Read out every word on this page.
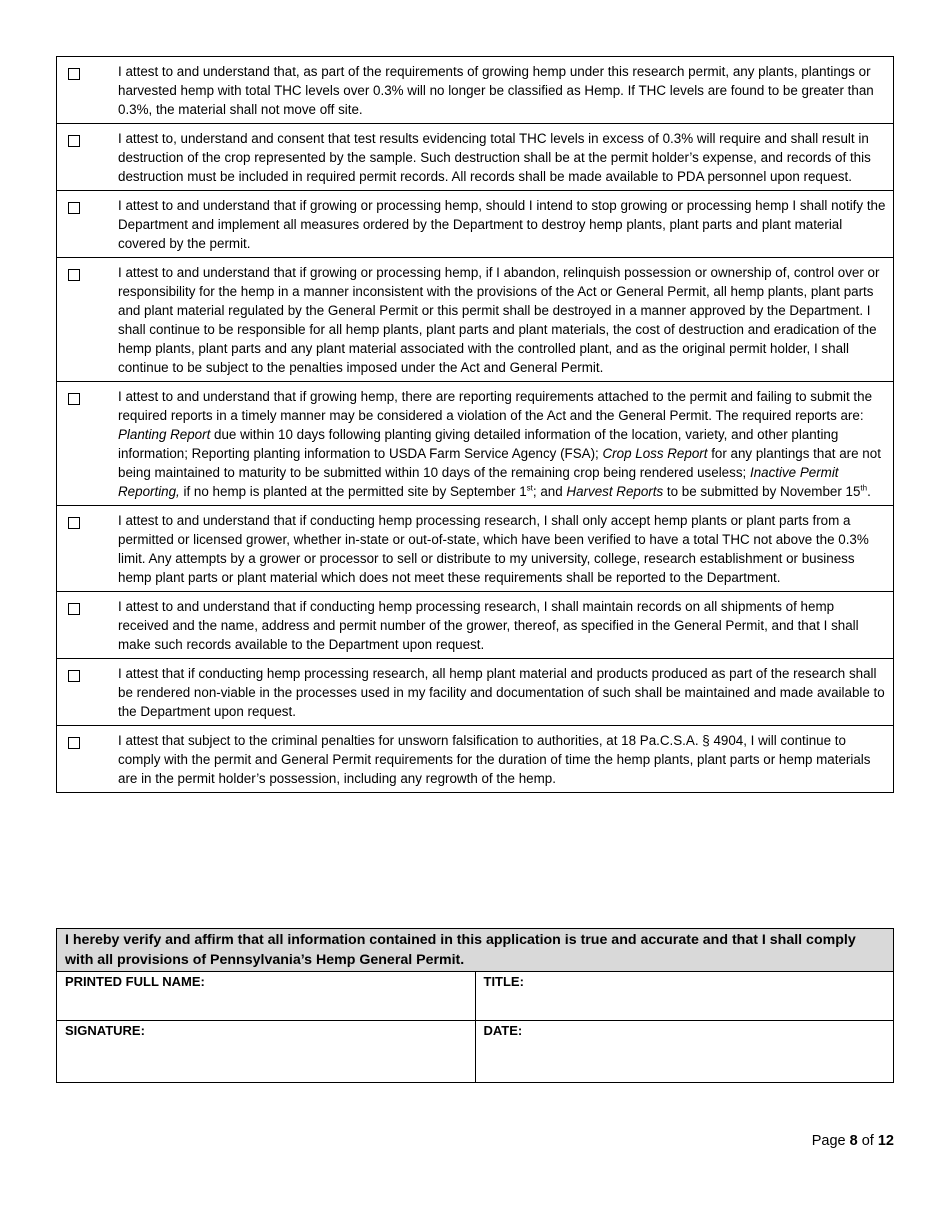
	I attest to and understand that, as part of the requirements of growing hemp under this research permit, any plants, plantings or harvested hemp with total THC levels over 0.3% will no longer be classified as Hemp. If THC levels are found to be greater than 0.3%, the material shall not move off site.

	I attest to, understand and consent that test results evidencing total THC levels in excess of 0.3% will require and shall result in destruction of the crop represented by the sample. Such destruction shall be at the permit holder’s expense, and records of this destruction must be included in required permit records. All records shall be made available to PDA personnel upon request.

	I attest to and understand that if growing or processing hemp, should I intend to stop growing or processing hemp I shall notify the Department and implement all measures ordered by the Department to destroy hemp plants, plant parts and plant material covered by the permit.

	I attest to and understand that if growing or processing hemp, if I abandon, relinquish possession or ownership of, control over or responsibility for the hemp in a manner inconsistent with the provisions of the Act or General Permit, all hemp plants, plant parts and plant material regulated by the General Permit or this permit shall be destroyed in a manner approved by the Department. I shall continue to be responsible for all hemp plants, plant parts and plant materials, the cost of destruction and eradication of the hemp plants, plant parts and any plant material associated with the controlled plant, and as the original permit holder, I shall continue to be subject to the penalties imposed under the Act and General Permit.

	I attest to and understand that if growing hemp, there are reporting requirements attached to the permit and failing to submit the required reports in a timely manner may be considered a violation of the Act and the General Permit. The required reports are: Planting Report due within 10 days following planting giving detailed information of the location, variety, and other planting information; Reporting planting information to USDA Farm Service Agency (FSA); Crop Loss Report for any plantings that are not being maintained to maturity to be submitted within 10 days of the remaining crop being rendered useless; Inactive Permit Reporting, if no hemp is planted at the permitted site by September 1st; and Harvest Reports to be submitted by November 15th.

	I attest to and understand that if conducting hemp processing research, I shall only accept hemp plants or plant parts from a permitted or licensed grower, whether in-state or out-of-state, which have been verified to have a total THC not above the 0.3% limit. Any attempts by a grower or processor to sell or distribute to my university, college, research establishment or business hemp plant parts or plant material which does not meet these requirements shall be reported to the Department.

	I attest to and understand that if conducting hemp processing research, I shall maintain records on all shipments of hemp received and the name, address and permit number of the grower, thereof, as specified in the General Permit, and that I shall make such records available to the Department upon request.

	I attest that if conducting hemp processing research, all hemp plant material and products produced as part of the research shall be rendered non-viable in the processes used in my facility and documentation of such shall be maintained and made available to the Department upon request.

	I attest that subject to the criminal penalties for unsworn falsification to authorities, at 18 Pa.C.S.A. § 4904, I will continue to comply with the permit and General Permit requirements for the duration of time the hemp plants, plant parts or hemp materials are in the permit holder’s possession, including any regrowth of the hemp.
I hereby verify and affirm that all information contained in this application is true and accurate and that I shall comply with all provisions of Pennsylvania’s Hemp General Permit.	

PRINTED FULL NAME:	TITLE:

SIGNATURE:	DATE:
Page 8 of 12
